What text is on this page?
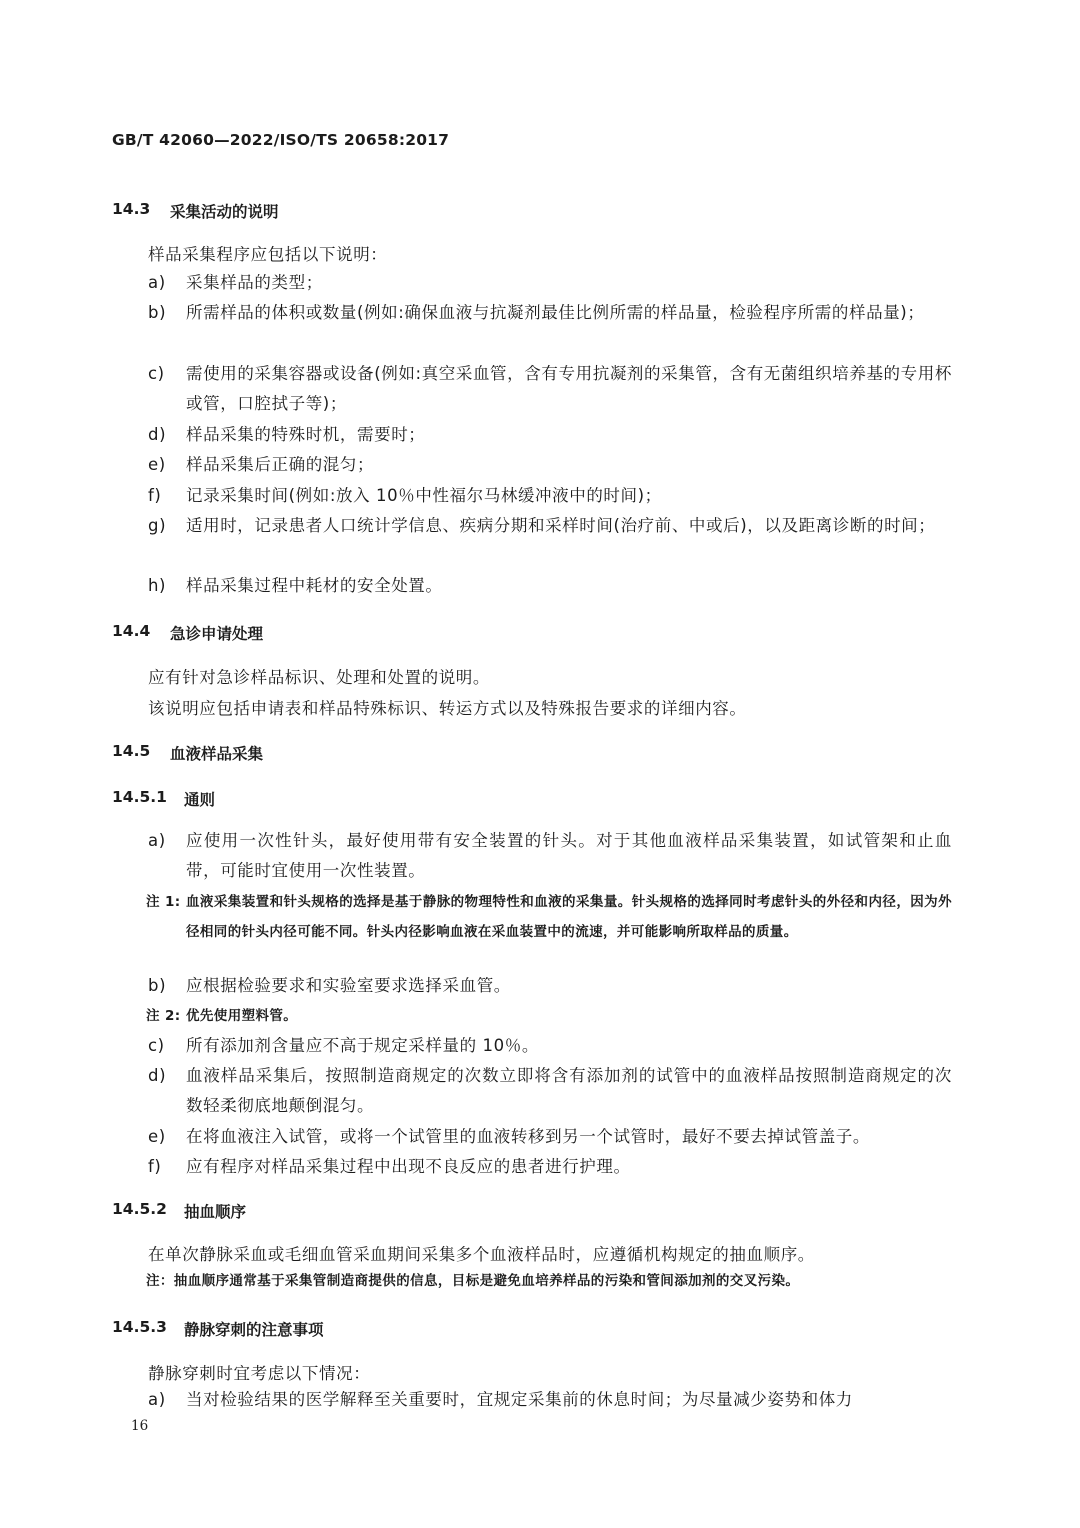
GB/T 42060—2022/ISO/TS 20658:2017
14.3 采集活动的说明
样品采集程序应包括以下说明：
a)	采集样品的类型；
b)	所需样品的体积或数量(例如:确保血液与抗凝剂最佳比例所需的样品量，检验程序所需的样品量)；
c)	需使用的采集容器或设备(例如:真空采血管，含有专用抗凝剂的采集管，含有无菌组织培养基的专用杯或管，口腔拭子等)；
d)	样品采集的特殊时机，需要时；
e)	样品采集后正确的混匀；
f)	记录采集时间(例如:放入 10％中性福尔马林缓冲液中的时间)；
g)	适用时，记录患者人口统计学信息、疾病分期和采样时间(治疗前、中或后)，以及距离诊断的时间；
h)	样品采集过程中耗材的安全处置。
14.4 急诊申请处理
应有针对急诊样品标识、处理和处置的说明。
该说明应包括申请表和样品特殊标识、转运方式以及特殊报告要求的详细内容。
14.5 血液样品采集
14.5.1 通则
a)	应使用一次性针头，最好使用带有安全装置的针头。对于其他血液样品采集装置，如试管架和止血带，可能时宜使用一次性装置。
注 1: 血液采集装置和针头规格的选择是基于静脉的物理特性和血液的采集量。针头规格的选择同时考虑针头的外径和内径，因为外径相同的针头内径可能不同。针头内径影响血液在采血装置中的流速，并可能影响所取样品的质量。
b)	应根据检验要求和实验室要求选择采血管。
注 2: 优先使用塑料管。
c)	所有添加剂含量应不高于规定采样量的 10％。
d)	血液样品采集后，按照制造商规定的次数立即将含有添加剂的试管中的血液样品按照制造商规定的次数轻柔彻底地颠倒混匀。
e)	在将血液注入试管，或将一个试管里的血液转移到另一个试管时，最好不要去掉试管盖子。
f)	应有程序对样品采集过程中出现不良反应的患者进行护理。
14.5.2 抽血顺序
在单次静脉采血或毛细血管采血期间采集多个血液样品时，应遵循机构规定的抽血顺序。
注：抽血顺序通常基于采集管制造商提供的信息，目标是避免血培养样品的污染和管间添加剂的交叉污染。
14.5.3 静脉穿刺的注意事项
静脉穿刺时宜考虑以下情况：
a)	当对检验结果的医学解释至关重要时，宜规定采集前的休息时间；为尽量减少姿势和体力
16
